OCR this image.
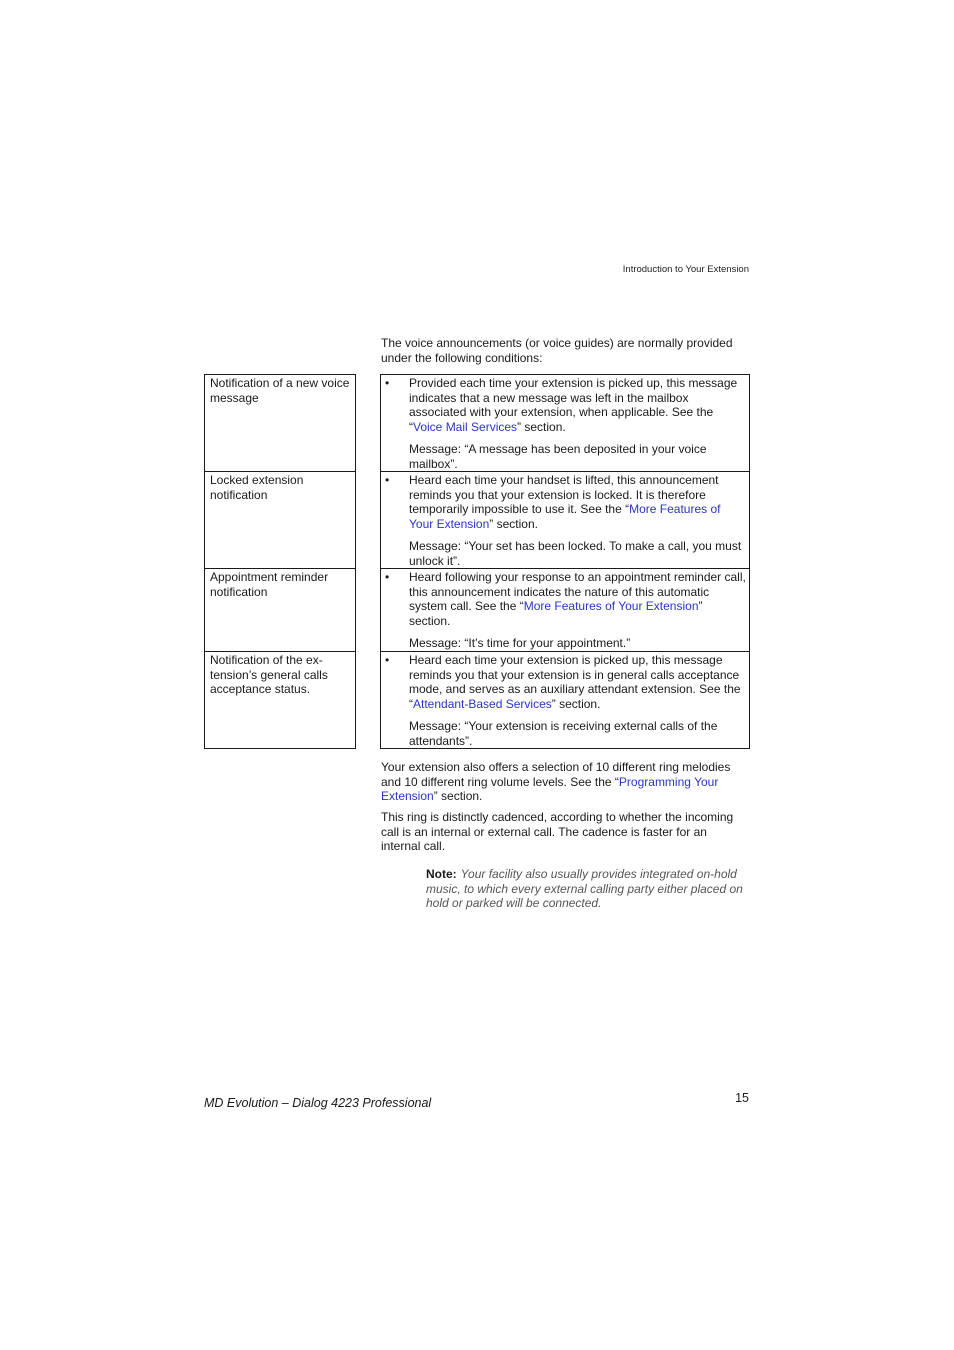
Introduction to Your Extension
The voice announcements (or voice guides) are normally provided under the following conditions:
Notification of a new voice message
• Provided each time your extension is picked up, this message indicates that a new message was left in the mailbox associated with your extension, when applicable. See the “Voice Mail Services” section.
Message: “A message has been deposited in your voice mailbox”.
Locked extension notification
• Heard each time your handset is lifted, this announcement reminds you that your extension is locked. It is therefore temporarily impossible to use it. See the “More Features of Your Extension” section.
Message: “Your set has been locked. To make a call, you must unlock it”.
Appointment reminder notification
• Heard following your response to an appointment reminder call, this announcement indicates the nature of this automatic system call. See the “More Features of Your Extension” section.
Message: “It’s time for your appointment.”
Notification of the ex-tension’s general calls acceptance status.
• Heard each time your extension is picked up, this message reminds you that your extension is in general calls acceptance mode, and serves as an auxiliary attendant extension. See the “Attendant-Based Services” section.
Message: “Your extension is receiving external calls of the attendants”.
Your extension also offers a selection of 10 different ring melodies and 10 different ring volume levels. See the “Programming Your Extension” section.
This ring is distinctly cadenced, according to whether the incoming call is an internal or external call. The cadence is faster for an internal call.
Note: Your facility also usually provides integrated on-hold music, to which every external calling party either placed on hold or parked will be connected.
MD Evolution – Dialog 4223 Professional	15
